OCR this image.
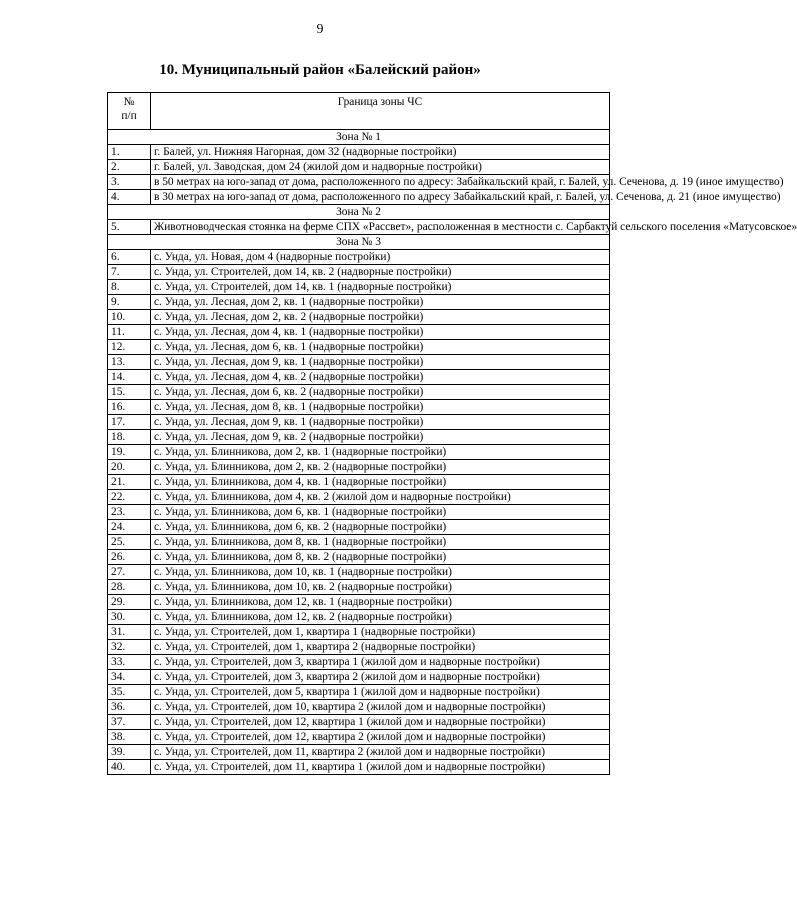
9
10. Муниципальный район «Балейский район»
№
п/п	Граница зоны ЧС
Зона № 1	
1.	г. Балей, ул. Нижняя Нагорная, дом 32 (надворные постройки)
2.	г. Балей, ул. Заводская, дом 24 (жилой дом и надворные постройки)
3.	в 50 метрах на юго-запад от дома, расположенного по адресу: Забайкальский край, г. Балей, ул. Сеченова, д. 19 (иное имущество)
4.	в 30 метрах на юго-запад от дома, расположенного по адресу Забайкальский край, г. Балей, ул. Сеченова, д. 21 (иное имущество)
Зона № 2	
5.	Животноводческая стоянка на ферме СПХ «Рассвет», расположенная в местности с. Сарбактуй сельского поселения «Матусовское»
Зона № 3	
6.	с. Унда, ул. Новая, дом 4 (надворные постройки)
7.	с. Унда, ул. Строителей, дом 14, кв. 2 (надворные постройки)
8.	с. Унда, ул. Строителей, дом 14, кв. 1 (надворные постройки)
9.	с. Унда, ул. Лесная, дом 2, кв. 1 (надворные постройки)
10.	с. Унда, ул. Лесная, дом 2, кв. 2 (надворные постройки)
11.	с. Унда, ул. Лесная, дом 4, кв. 1 (надворные постройки)
12.	с. Унда, ул. Лесная, дом 6, кв. 1 (надворные постройки)
13.	с. Унда, ул. Лесная, дом 9, кв. 1 (надворные постройки)
14.	с. Унда, ул. Лесная, дом 4, кв. 2 (надворные постройки)
15.	с. Унда, ул. Лесная, дом 6, кв. 2 (надворные постройки)
16.	с. Унда, ул. Лесная, дом 8, кв. 1 (надворные постройки)
17.	с. Унда, ул. Лесная, дом 9, кв. 1 (надворные постройки)
18.	с. Унда, ул. Лесная, дом 9, кв. 2 (надворные постройки)
19.	с. Унда, ул. Блинникова, дом 2, кв. 1 (надворные постройки)
20.	с. Унда, ул. Блинникова, дом 2, кв. 2 (надворные постройки)
21.	с. Унда, ул. Блинникова, дом 4, кв. 1 (надворные постройки)
22.	с. Унда, ул. Блинникова, дом 4, кв. 2 (жилой дом и надворные постройки)
23.	с. Унда, ул. Блинникова, дом 6, кв. 1 (надворные постройки)
24.	с. Унда, ул. Блинникова, дом 6, кв. 2 (надворные постройки)
25.	с. Унда, ул. Блинникова, дом 8, кв. 1 (надворные постройки)
26.	с. Унда, ул. Блинникова, дом 8, кв. 2 (надворные постройки)
27.	с. Унда, ул. Блинникова, дом 10, кв. 1 (надворные постройки)
28.	с. Унда, ул. Блинникова, дом 10, кв. 2 (надворные постройки)
29.	с. Унда, ул. Блинникова, дом 12, кв. 1 (надворные постройки)
30.	с. Унда, ул. Блинникова, дом 12, кв. 2 (надворные постройки)
31.	с. Унда, ул. Строителей, дом 1, квартира 1 (надворные постройки)
32.	с. Унда, ул. Строителей, дом 1, квартира 2 (надворные постройки)
33.	с. Унда, ул. Строителей, дом 3, квартира 1 (жилой дом и надворные постройки)
34.	с. Унда, ул. Строителей, дом 3, квартира 2 (жилой дом и надворные постройки)
35.	с. Унда, ул. Строителей, дом 5, квартира 1 (жилой дом и надворные постройки)
36.	с. Унда, ул. Строителей, дом 10, квартира 2 (жилой дом и надворные постройки)
37.	с. Унда, ул. Строителей, дом 12, квартира 1 (жилой дом и надворные постройки)
38.	с. Унда, ул. Строителей, дом 12, квартира 2 (жилой дом и надворные постройки)
39.	с. Унда, ул. Строителей, дом 11, квартира 2 (жилой дом и надворные постройки)
40.	с. Унда, ул. Строителей, дом 11, квартира 1 (жилой дом и надворные постройки)
